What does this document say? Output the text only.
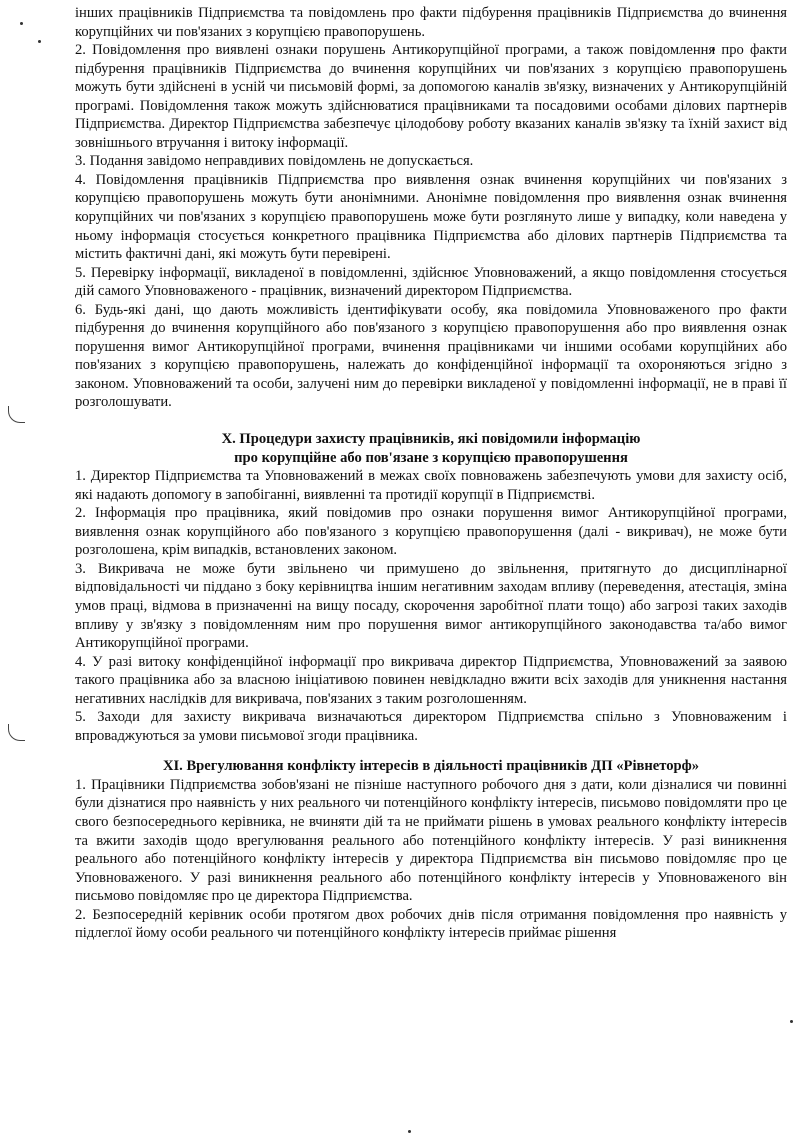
інших працівників Підприємства та повідомлень про факти підбурення працівників Підприємства до вчинення корупційних чи пов'язаних з корупцією правопорушень.

2. Повідомлення про виявлені ознаки порушень Антикорупційної програми, а також повідомлення про факти підбурення працівників Підприємства до вчинення корупційних чи пов'язаних з корупцією правопорушень можуть бути здійснені в усній чи письмовій формі, за допомогою каналів зв'язку, визначених у Антикорупційній програмі. Повідомлення також можуть здійснюватися працівниками та посадовими особами ділових партнерів Підприємства. Директор Підприємства забезпечує цілодобову роботу вказаних каналів зв'язку та їхній захист від зовнішнього втручання і витоку інформації.

3. Подання завідомо неправдивих повідомлень не допускається.

4. Повідомлення працівників Підприємства про виявлення ознак вчинення корупційних чи пов'язаних з корупцією правопорушень можуть бути анонімними. Анонімне повідомлення про виявлення ознак вчинення корупційних чи пов'язаних з корупцією правопорушень може бути розглянуто лише у випадку, коли наведена у ньому інформація стосується конкретного працівника Підприємства або ділових партнерів Підприємства та містить фактичні дані, які можуть бути перевірені.

5. Перевірку інформації, викладеної в повідомленні, здійснює Уповноважений, а якщо повідомлення стосується дій самого Уповноваженого - працівник, визначений директором Підприємства.

6. Будь-які дані, що дають можливість ідентифікувати особу, яка повідомила Уповноваженого про факти підбурення до вчинення корупційного або пов'язаного з корупцією правопорушення або про виявлення ознак порушення вимог Антикорупційної програми, вчинення працівниками чи іншими особами корупційних або пов'язаних з корупцією правопорушень, належать до конфіденційної інформації та охороняються згідно з законом. Уповноважений та особи, залучені ним до перевірки викладеної у повідомленні інформації, не в праві її розголошувати.

X. Процедури захисту працівників, які повідомили інформацію
про корупційне або пов'язане з корупцією правопорушення

1. Директор Підприємства та Уповноважений в межах своїх повноважень забезпечують умови для захисту осіб, які надають допомогу в запобіганні, виявленні та протидії корупції в Підприємстві.

2. Інформація про працівника, який повідомив про ознаки порушення вимог Антикорупційної програми, виявлення ознак корупційного або пов'язаного з корупцією правопорушення (далі - викривач), не може бути розголошена, крім випадків, встановлених законом.

3. Викривача не може бути звільнено чи примушено до звільнення, притягнуто до дисциплінарної відповідальності чи піддано з боку керівництва іншим негативним заходам впливу (переведення, атестація, зміна умов праці, відмова в призначенні на вищу посаду, скорочення заробітної плати тощо) або загрозі таких заходів впливу у зв'язку з повідомленням ним про порушення вимог антикорупційного законодавства та/або вимог Антикорупційної програми.

4. У разі витоку конфіденційної інформації про викривача директор Підприємства, Уповноважений за заявою такого працівника або за власною ініціативою повинен невідкладно вжити всіх заходів для уникнення настання негативних наслідків для викривача, пов'язаних з таким розголошенням.

5. Заходи для захисту викривача визначаються директором Підприємства спільно з Уповноваженим і впроваджуються за умови письмової згоди працівника.

XI. Врегулювання конфлікту інтересів в діяльності працівників ДП «Рівнеторф»

1. Працівники Підприємства зобов'язані не пізніше наступного робочого дня з дати, коли дізналися чи повинні були дізнатися про наявність у них реального чи потенційного конфлікту інтересів, письмово повідомляти про це свого безпосереднього керівника, не вчиняти дій та не приймати рішень в умовах реального конфлікту інтересів та вжити заходів щодо врегулювання реального або потенційного конфлікту інтересів. У разі виникнення реального або потенційного конфлікту інтересів у директора Підприємства він письмово повідомляє про це Уповноваженого. У разі виникнення реального або потенційного конфлікту інтересів у Уповноваженого він письмово повідомляє про це директора Підприємства.

2. Безпосередній керівник особи протягом двох робочих днів після отримання повідомлення про наявність у підлеглої йому особи реального чи потенційного конфлікту інтересів приймає рішення
